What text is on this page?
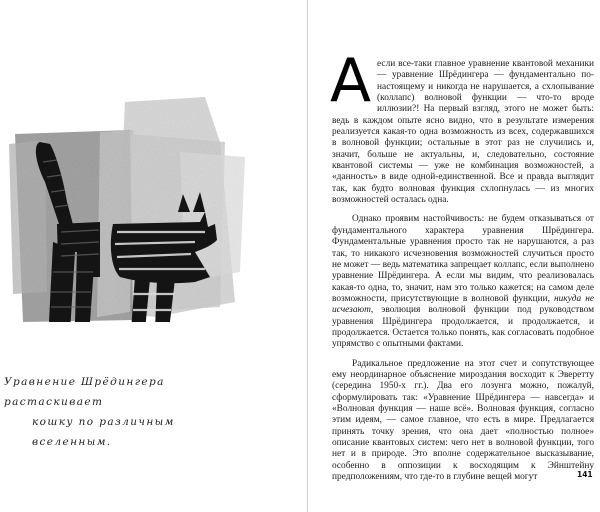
Уравнение Шрёдингера растаскивает
кошку по различным вселенным.

Аесли все-таки главное уравнение квантовой механики — уравнение Шрёдингера — фундаментально по-настоящему и никогда не нарушается, а схлопывание (коллапс) волновой функции — что-то вроде иллюзии?! На первый взгляд, этого не может быть: ведь в каждом опыте ясно видно, что в результате измерения реализуется какая-то одна возможность из всех, содержавшихся в волновой функции; остальные в этот раз не случились и, значит, больше не актуальны, и, следовательно, состояние квантовой системы — уже не комбинация возможностей, а «данность» в виде одной-единственной. Все и правда выглядит так, как будто волновая функция схлопнулась — из многих возможностей осталась одна.

Однако проявим настойчивость: не будем отказываться от фундаментального характера уравнения Шрёдингера. Фундаментальные уравнения просто так не нарушаются, а раз так, то никакого исчезновения возможностей случиться просто не может — ведь математика запрещает коллапс, если выполнено уравнение Шрёдингера. А если мы видим, что реализовалась какая-то одна, то, значит, нам это только кажется; на самом деле возможности, присутствующие в волновой функции, никуда не исчезают, эволюция волновой функции под руководством уравнения Шрёдингера продолжается, и продолжается, и продолжается. Остается только понять, как согласовать подобное упрямство с опытными фактами.

Радикальное предложение на этот счет и сопутствующее ему неординарное объяснение мироздания восходит к Эверетту (середина 1950-х гг.). Два его лозунга можно, пожалуй, сформулировать так: «Уравнение Шрёдингера — навсегда» и «Волновая функция — наше всё». Волновая функция, согласно этим идеям, — самое главное, что есть в мире. Предлагается принять точку зрения, что она дает «полностью полное» описание квантовых систем: чего нет в волновой функции, того нет и в природе. Это вполне содержательное высказывание, особенно в оппозиции к восходящим к Эйнштейну предположениям, что где-то в глубине вещей могут	141
